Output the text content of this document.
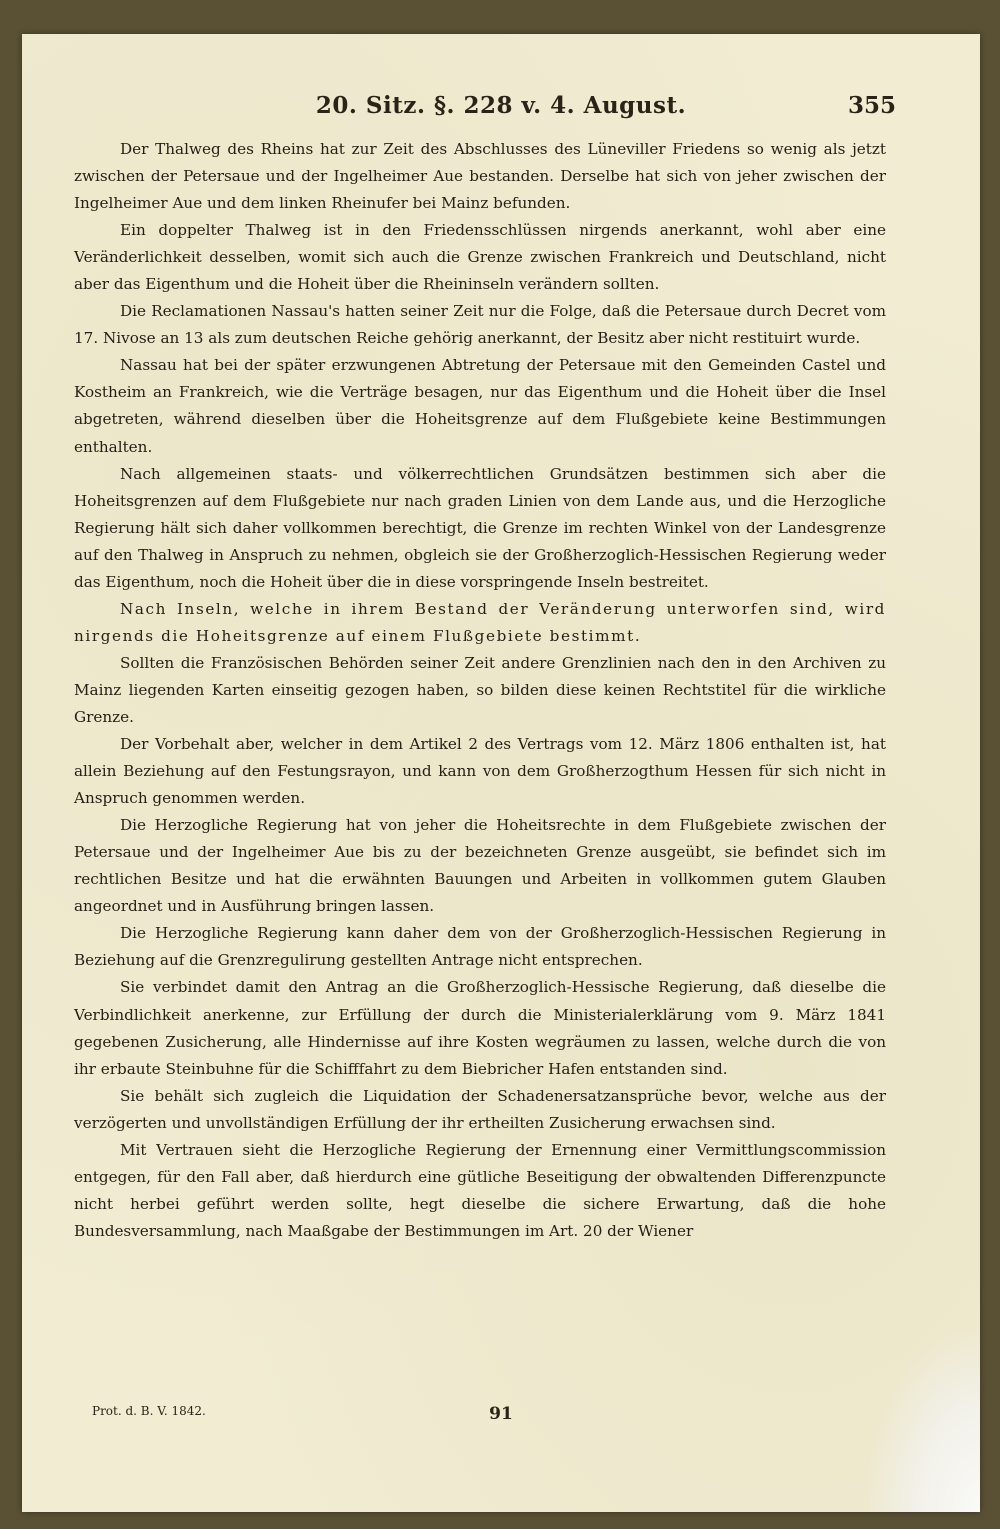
20. Sitz. §. 228 v. 4. August.	355

Der Thalweg des Rheins hat zur Zeit des Abschlusses des Lüneviller Friedens so wenig als jetzt zwischen der Petersaue und der Ingelheimer Aue bestanden. Derselbe hat sich von jeher zwischen der Ingelheimer Aue und dem linken Rheinufer bei Mainz befunden.

Ein doppelter Thalweg ist in den Friedensschlüssen nirgends anerkannt, wohl aber eine Veränderlichkeit desselben, womit sich auch die Grenze zwischen Frankreich und Deutschland, nicht aber das Eigenthum und die Hoheit über die Rheininseln verändern sollten.

Die Reclamationen Nassau's hatten seiner Zeit nur die Folge, daß die Petersaue durch Decret vom 17. Nivose an 13 als zum deutschen Reiche gehörig anerkannt, der Besitz aber nicht restituirt wurde.

Nassau hat bei der später erzwungenen Abtretung der Petersaue mit den Gemeinden Castel und Kostheim an Frankreich, wie die Verträge besagen, nur das Eigenthum und die Hoheit über die Insel abgetreten, während dieselben über die Hoheitsgrenze auf dem Flußgebiete keine Bestimmungen enthalten.

Nach allgemeinen staats- und völkerrechtlichen Grundsätzen bestimmen sich aber die Hoheitsgrenzen auf dem Flußgebiete nur nach graden Linien von dem Lande aus, und die Herzogliche Regierung hält sich daher vollkommen berechtigt, die Grenze im rechten Winkel von der Landesgrenze auf den Thalweg in Anspruch zu nehmen, obgleich sie der Großherzoglich-Hessischen Regierung weder das Eigenthum, noch die Hoheit über die in diese vorspringende Inseln bestreitet.

Nach Inseln, welche in ihrem Bestand der Veränderung unterworfen sind, wird nirgends die Hoheitsgrenze auf einem Flußgebiete bestimmt.

Sollten die Französischen Behörden seiner Zeit andere Grenzlinien nach den in den Archiven zu Mainz liegenden Karten einseitig gezogen haben, so bilden diese keinen Rechtstitel für die wirkliche Grenze.

Der Vorbehalt aber, welcher in dem Artikel 2 des Vertrags vom 12. März 1806 enthalten ist, hat allein Beziehung auf den Festungsrayon, und kann von dem Großherzogthum Hessen für sich nicht in Anspruch genommen werden.

Die Herzogliche Regierung hat von jeher die Hoheitsrechte in dem Flußgebiete zwischen der Petersaue und der Ingelheimer Aue bis zu der bezeichneten Grenze ausgeübt, sie befindet sich im rechtlichen Besitze und hat die erwähnten Bauungen und Arbeiten in vollkommen gutem Glauben angeordnet und in Ausführung bringen lassen.

Die Herzogliche Regierung kann daher dem von der Großherzoglich-Hessischen Regierung in Beziehung auf die Grenzregulirung gestellten Antrage nicht entsprechen.

Sie verbindet damit den Antrag an die Großherzoglich-Hessische Regierung, daß dieselbe die Verbindlichkeit anerkenne, zur Erfüllung der durch die Ministerialerklärung vom 9. März 1841 gegebenen Zusicherung, alle Hindernisse auf ihre Kosten wegräumen zu lassen, welche durch die von ihr erbaute Steinbuhne für die Schifffahrt zu dem Biebricher Hafen entstanden sind.

Sie behält sich zugleich die Liquidation der Schadenersatzansprüche bevor, welche aus der verzögerten und unvollständigen Erfüllung der ihr ertheilten Zusicherung erwachsen sind.

Mit Vertrauen sieht die Herzogliche Regierung der Ernennung einer Vermittlungscommission entgegen, für den Fall aber, daß hierdurch eine gütliche Beseitigung der obwaltenden Differenzpuncte nicht herbei geführt werden sollte, hegt dieselbe die sichere Erwartung, daß die hohe Bundesversammlung, nach Maaßgabe der Bestimmungen im Art. 20 der Wiener

Prot. d. B. V. 1842.	91
